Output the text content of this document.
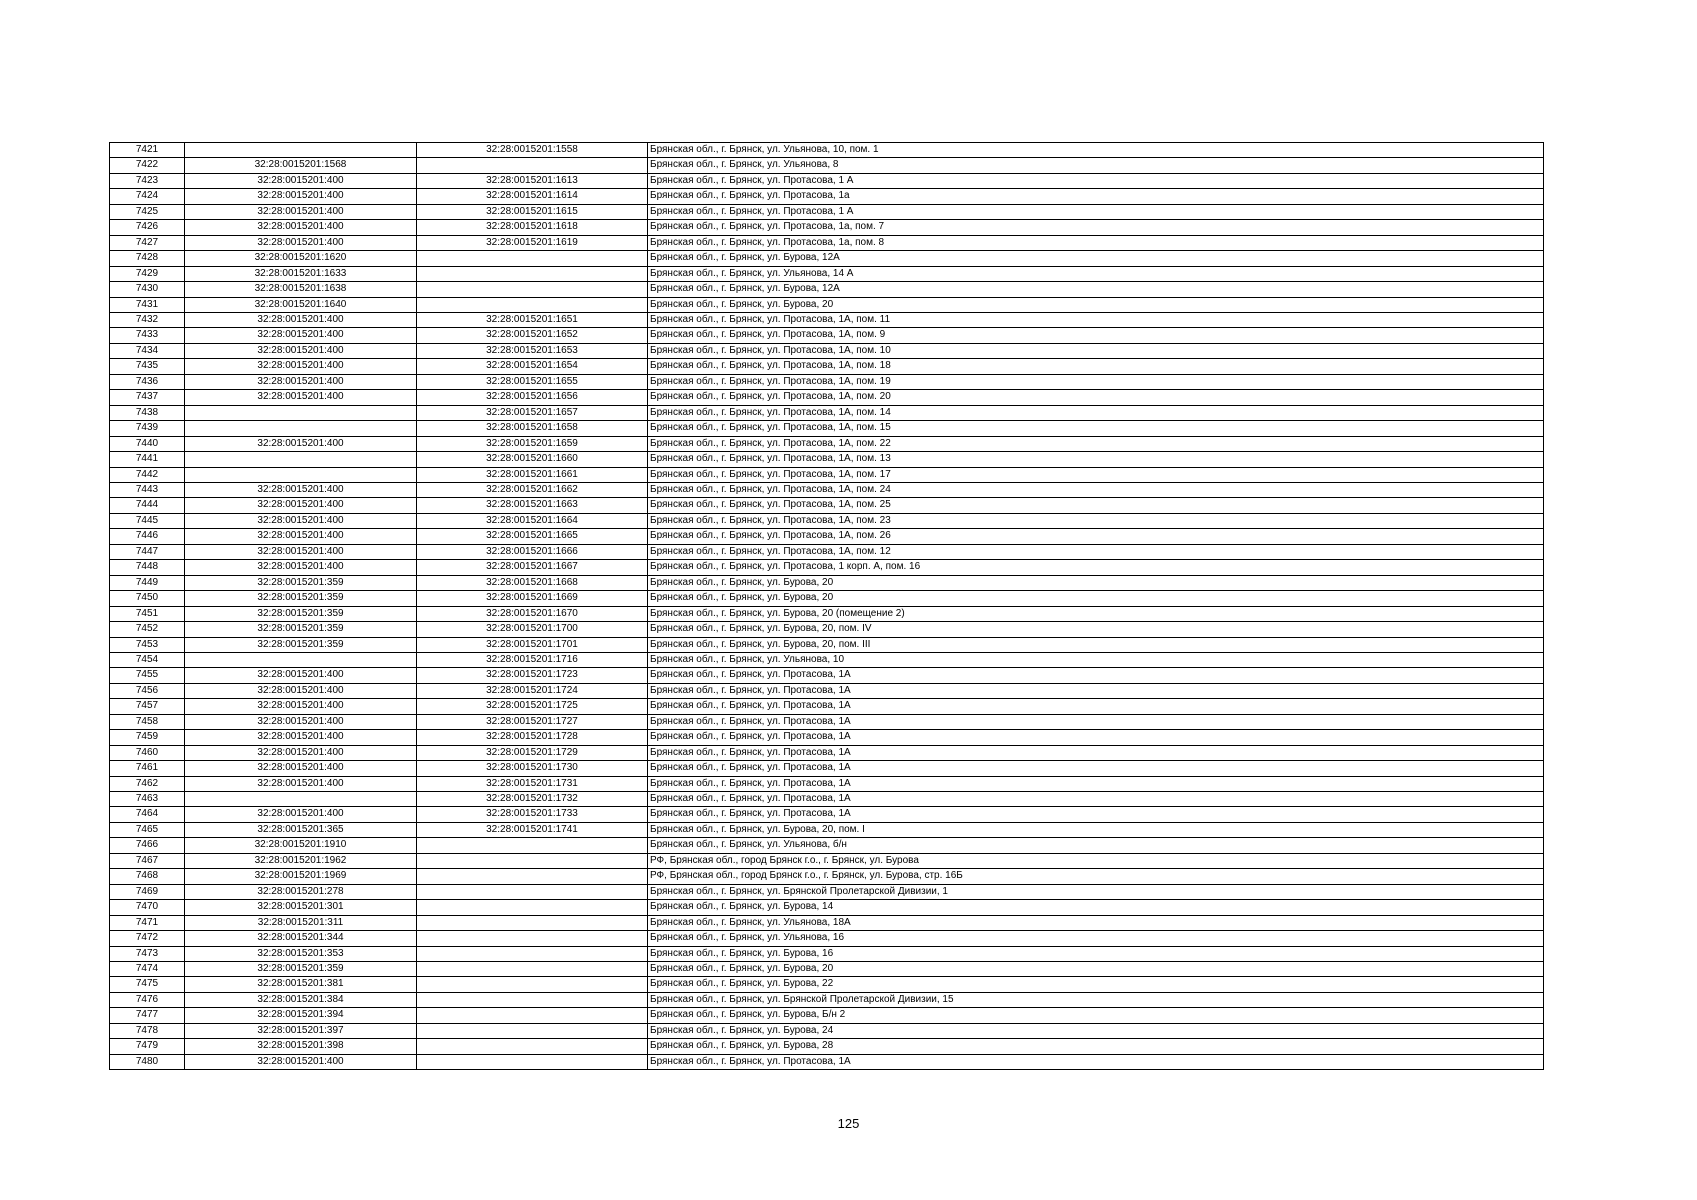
7421		32:28:0015201:1558	Брянская обл., г. Брянск, ул. Ульянова, 10, пом. 1
7422	32:28:0015201:1568		Брянская обл., г. Брянск, ул. Ульянова, 8
7423	32:28:0015201:400	32:28:0015201:1613	Брянская обл., г. Брянск, ул. Протасова, 1 А
7424	32:28:0015201:400	32:28:0015201:1614	Брянская обл., г. Брянск, ул. Протасова, 1а
7425	32:28:0015201:400	32:28:0015201:1615	Брянская обл., г. Брянск, ул. Протасова, 1 А
7426	32:28:0015201:400	32:28:0015201:1618	Брянская обл., г. Брянск, ул. Протасова, 1а, пом. 7
7427	32:28:0015201:400	32:28:0015201:1619	Брянская обл., г. Брянск, ул. Протасова, 1а, пом. 8
7428	32:28:0015201:1620		Брянская обл., г. Брянск, ул. Бурова, 12А
7429	32:28:0015201:1633		Брянская обл., г. Брянск, ул. Ульянова, 14 А
7430	32:28:0015201:1638		Брянская обл., г. Брянск, ул. Бурова, 12А
7431	32:28:0015201:1640		Брянская обл., г. Брянск, ул. Бурова, 20
7432	32:28:0015201:400	32:28:0015201:1651	Брянская обл., г. Брянск, ул. Протасова, 1А, пом. 11
7433	32:28:0015201:400	32:28:0015201:1652	Брянская обл., г. Брянск, ул. Протасова, 1А, пом. 9
7434	32:28:0015201:400	32:28:0015201:1653	Брянская обл., г. Брянск, ул. Протасова, 1А, пом. 10
7435	32:28:0015201:400	32:28:0015201:1654	Брянская обл., г. Брянск, ул. Протасова, 1А, пом. 18
7436	32:28:0015201:400	32:28:0015201:1655	Брянская обл., г. Брянск, ул. Протасова, 1А, пом. 19
7437	32:28:0015201:400	32:28:0015201:1656	Брянская обл., г. Брянск, ул. Протасова, 1А, пом. 20
7438		32:28:0015201:1657	Брянская обл., г. Брянск, ул. Протасова, 1А, пом. 14
7439		32:28:0015201:1658	Брянская обл., г. Брянск, ул. Протасова, 1А, пом. 15
7440	32:28:0015201:400	32:28:0015201:1659	Брянская обл., г. Брянск, ул. Протасова, 1А, пом. 22
7441		32:28:0015201:1660	Брянская обл., г. Брянск, ул. Протасова, 1А, пом. 13
7442		32:28:0015201:1661	Брянская обл., г. Брянск, ул. Протасова, 1А, пом. 17
7443	32:28:0015201:400	32:28:0015201:1662	Брянская обл., г. Брянск, ул. Протасова, 1А, пом. 24
7444	32:28:0015201:400	32:28:0015201:1663	Брянская обл., г. Брянск, ул. Протасова, 1А, пом. 25
7445	32:28:0015201:400	32:28:0015201:1664	Брянская обл., г. Брянск, ул. Протасова, 1А, пом. 23
7446	32:28:0015201:400	32:28:0015201:1665	Брянская обл., г. Брянск, ул. Протасова, 1А, пом. 26
7447	32:28:0015201:400	32:28:0015201:1666	Брянская обл., г. Брянск, ул. Протасова, 1А, пом. 12
7448	32:28:0015201:400	32:28:0015201:1667	Брянская обл., г. Брянск, ул. Протасова, 1 корп. А, пом. 16
7449	32:28:0015201:359	32:28:0015201:1668	Брянская обл., г. Брянск, ул. Бурова, 20
7450	32:28:0015201:359	32:28:0015201:1669	Брянская обл., г. Брянск, ул. Бурова, 20
7451	32:28:0015201:359	32:28:0015201:1670	Брянская обл., г. Брянск, ул. Бурова, 20 (помещение 2)
7452	32:28:0015201:359	32:28:0015201:1700	Брянская обл., г. Брянск, ул. Бурова, 20, пом. IV
7453	32:28:0015201:359	32:28:0015201:1701	Брянская обл., г. Брянск, ул. Бурова, 20, пом. III
7454		32:28:0015201:1716	Брянская обл., г. Брянск, ул. Ульянова, 10
7455	32:28:0015201:400	32:28:0015201:1723	Брянская обл., г. Брянск, ул. Протасова, 1А
7456	32:28:0015201:400	32:28:0015201:1724	Брянская обл., г. Брянск, ул. Протасова, 1А
7457	32:28:0015201:400	32:28:0015201:1725	Брянская обл., г. Брянск, ул. Протасова, 1А
7458	32:28:0015201:400	32:28:0015201:1727	Брянская обл., г. Брянск, ул. Протасова, 1А
7459	32:28:0015201:400	32:28:0015201:1728	Брянская обл., г. Брянск, ул. Протасова, 1А
7460	32:28:0015201:400	32:28:0015201:1729	Брянская обл., г. Брянск, ул. Протасова, 1А
7461	32:28:0015201:400	32:28:0015201:1730	Брянская обл., г. Брянск, ул. Протасова, 1А
7462	32:28:0015201:400	32:28:0015201:1731	Брянская обл., г. Брянск, ул. Протасова, 1А
7463		32:28:0015201:1732	Брянская обл., г. Брянск, ул. Протасова, 1А
7464	32:28:0015201:400	32:28:0015201:1733	Брянская обл., г. Брянск, ул. Протасова, 1А
7465	32:28:0015201:365	32:28:0015201:1741	Брянская обл., г. Брянск, ул. Бурова, 20, пом. I
7466	32:28:0015201:1910		Брянская обл., г. Брянск, ул. Ульянова, б/н
7467	32:28:0015201:1962		РФ, Брянская обл., город Брянск г.о., г. Брянск, ул. Бурова
7468	32:28:0015201:1969		РФ, Брянская обл., город Брянск г.о., г. Брянск, ул. Бурова, стр. 16Б
7469	32:28:0015201:278		Брянская обл., г. Брянск, ул. Брянской Пролетарской Дивизии, 1
7470	32:28:0015201:301		Брянская обл., г. Брянск, ул. Бурова, 14
7471	32:28:0015201:311		Брянская обл., г. Брянск, ул. Ульянова, 18А
7472	32:28:0015201:344		Брянская обл., г. Брянск, ул. Ульянова, 16
7473	32:28:0015201:353		Брянская обл., г. Брянск, ул. Бурова, 16
7474	32:28:0015201:359		Брянская обл., г. Брянск, ул. Бурова, 20
7475	32:28:0015201:381		Брянская обл., г. Брянск, ул. Бурова, 22
7476	32:28:0015201:384		Брянская обл., г. Брянск, ул. Брянской Пролетарской Дивизии, 15
7477	32:28:0015201:394		Брянская обл., г. Брянск, ул. Бурова, Б/н 2
7478	32:28:0015201:397		Брянская обл., г. Брянск, ул. Бурова, 24
7479	32:28:0015201:398		Брянская обл., г. Брянск, ул. Бурова, 28
7480	32:28:0015201:400		Брянская обл., г. Брянск, ул. Протасова, 1А
125
